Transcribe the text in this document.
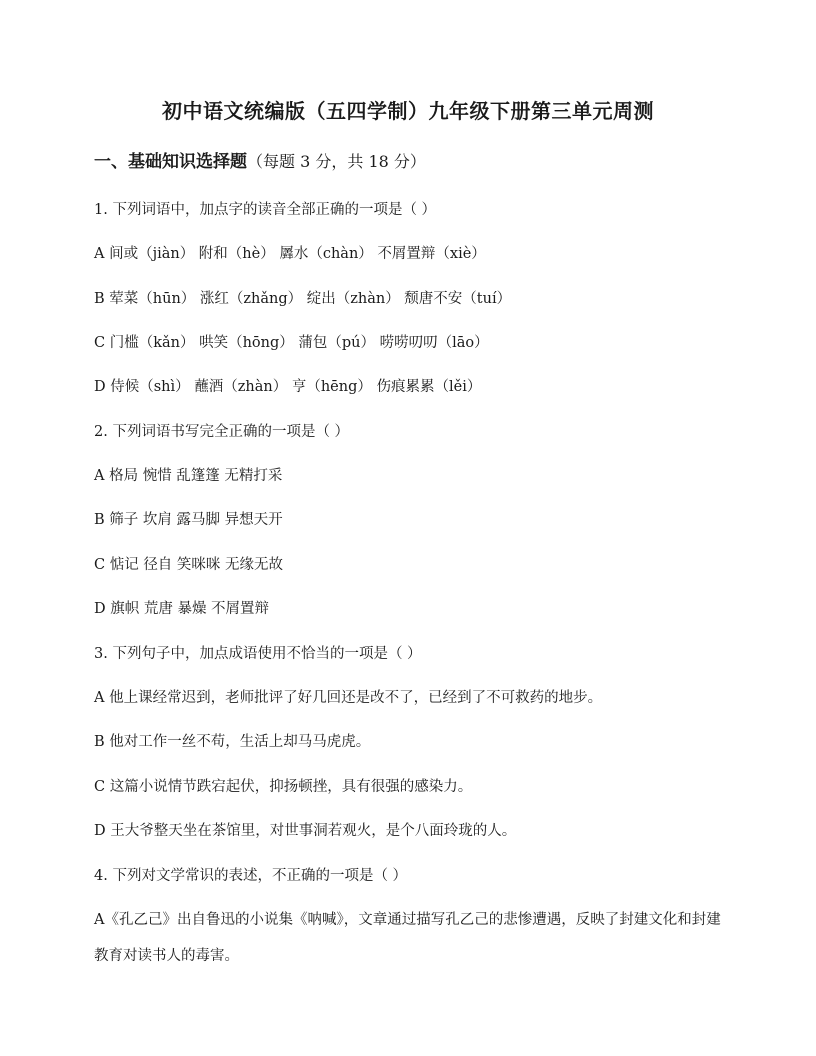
初中语文统编版（五四学制）九年级下册第三单元周测
一、基础知识选择题（每题 3 分，共 18 分）
1. 下列词语中，加点字的读音全部正确的一项是（ ）
A 间或（jiàn） 附和（hè） 羼水（chàn） 不屑置辩（xiè）
B 荤菜（hūn） 涨红（zhǎng） 绽出（zhàn） 颓唐不安（tuí）
C 门槛（kǎn） 哄笑（hōng） 蒲包（pú） 唠唠叨叨（lāo）
D 侍候（shì） 蘸酒（zhàn） 亨（hēng） 伤痕累累（lěi）
2. 下列词语书写完全正确的一项是（ ）
A 格局 惋惜 乱篷篷 无精打采
B 筛子 坎肩 露马脚 异想天开
C 惦记 径自 笑咪咪 无缘无故
D 旗帜 荒唐 暴燥 不屑置辩
3. 下列句子中，加点成语使用不恰当的一项是（ ）
A 他上课经常迟到，老师批评了好几回还是改不了，已经到了不可救药的地步。
B 他对工作一丝不苟，生活上却马马虎虎。
C 这篇小说情节跌宕起伏，抑扬顿挫，具有很强的感染力。
D 王大爷整天坐在茶馆里，对世事洞若观火，是个八面玲珑的人。
4. 下列对文学常识的表述，不正确的一项是（ ）
A《孔乙己》出自鲁迅的小说集《呐喊》，文章通过描写孔乙己的悲惨遭遇，反映了封建文化和封建教育对读书人的毒害。
